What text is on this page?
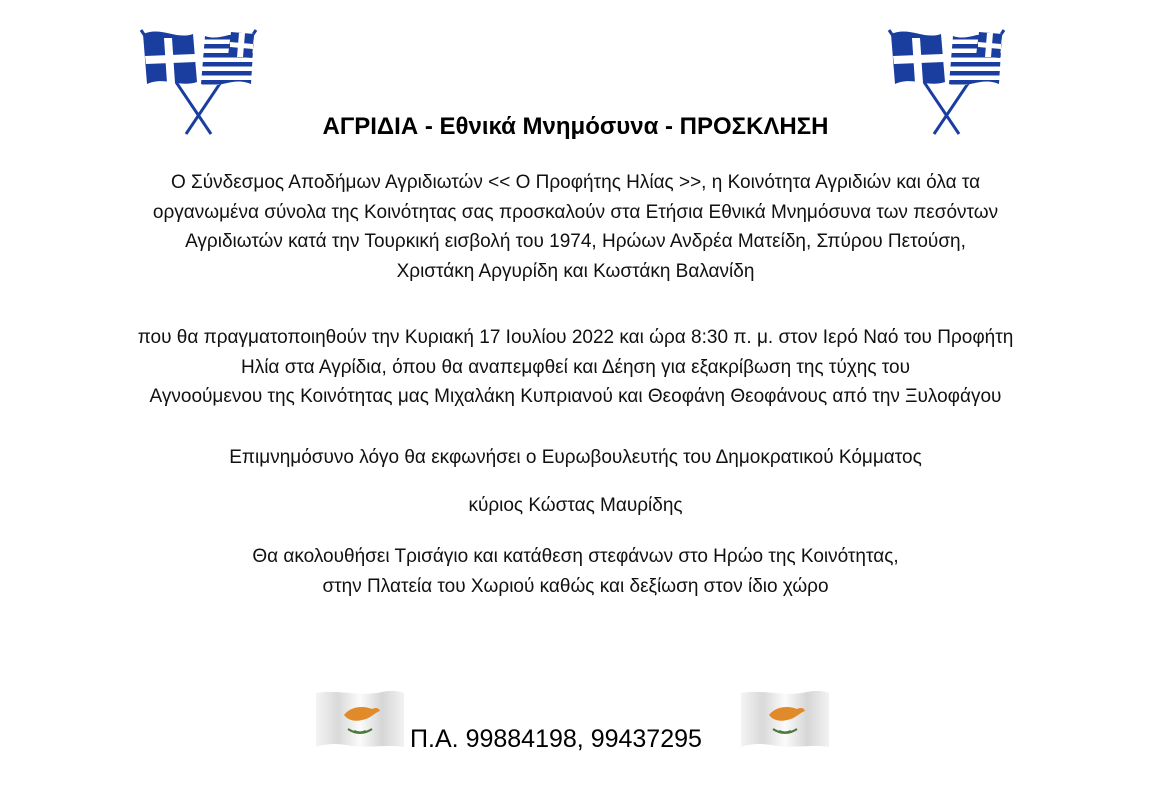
ΑΓΡΙΔΙΑ - Εθνικά Μνημόσυνα - ΠΡΟΣΚΛΗΣΗ
Ο Σύνδεσμος Αποδήμων Αγριδιωτών << Ο Προφήτης Ηλίας >>, η Κοινότητα Αγριδιών και όλα τα
οργανωμένα σύνολα της Κοινότητας σας προσκαλούν στα Ετήσια Εθνικά Μνημόσυνα των πεσόντων
Αγριδιωτών κατά την Τουρκική εισβολή του 1974, Ηρώων Ανδρέα Ματείδη, Σπύρου Πετούση,
Χριστάκη Αργυρίδη και Κωστάκη Βαλανίδη
που θα πραγματοποιηθούν την Κυριακή 17 Ιουλίου 2022 και ώρα 8:30 π. μ. στον Ιερό Ναό του Προφήτη
Ηλία στα Αγρίδια, όπου θα αναπεμφθεί και Δέηση για εξακρίβωση της τύχης του
Αγνοούμενου της Κοινότητας μας Μιχαλάκη Κυπριανού και Θεοφάνη Θεοφάνους από την Ξυλοφάγου
Επιμνημόσυνο λόγο θα εκφωνήσει ο Ευρωβουλευτής του Δημοκρατικού Κόμματος
κύριος Κώστας Μαυρίδης
Θα ακολουθήσει Τρισάγιο και κατάθεση στεφάνων στο Ηρώο της Κοινότητας,
στην Πλατεία του Χωριού καθώς και δεξίωση στον ίδιο χώρο
Π.Α. 99884198, 99437295
